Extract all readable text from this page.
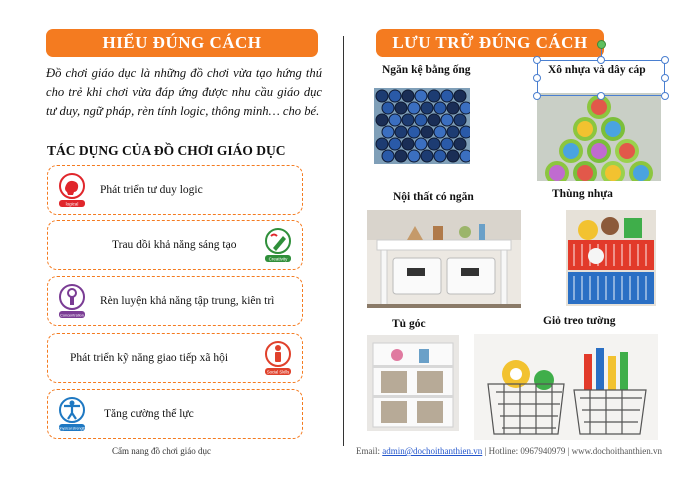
HIỂU ĐÚNG CÁCH

Đồ chơi giáo dục là những đồ chơi vừa tạo hứng thú cho trẻ khi chơi vừa đáp ứng được nhu cầu giáo dục tư duy, ngữ pháp, rèn tính logic, thông minh… cho bé.

TÁC DỤNG CỦA ĐỒ CHƠI GIÁO DỤC
logical
Phát triển tư duy logic
Trau dồi khả năng sáng tạo
Creativity
Concentration
Rèn luyện khả năng tập trung, kiên trì
Phát triển kỹ năng giao tiếp xã hội
Social Skills
physical strength
Tăng cường thể lực
Cẩm nang đồ chơi giáo dục
LƯU TRỮ ĐÚNG CÁCH
Ngăn kệ bằng ống	Xô nhựa và dây cáp
Nội thất có ngăn	Thùng nhựa
Tủ góc	Giỏ treo tường
Email: admin@dochoithanthien.vn | Hotline: 0967940979 | www.dochoithanthien.vn
